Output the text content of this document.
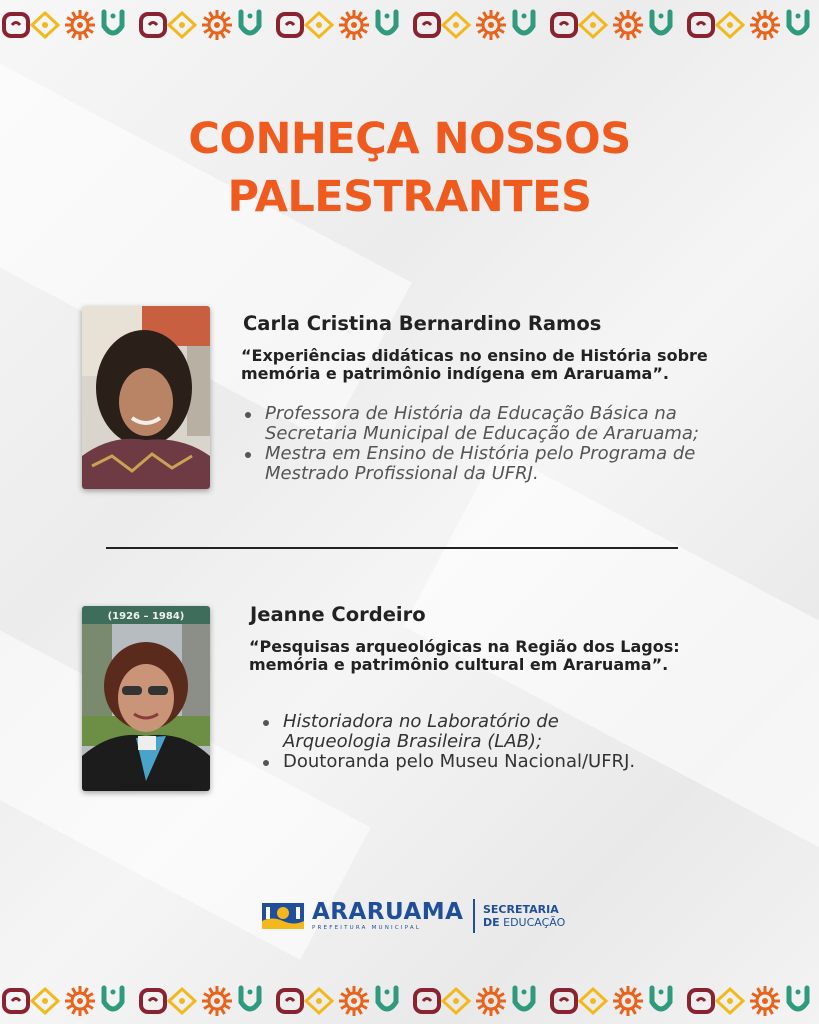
CONHEÇA NOSSOS
PALESTRANTES
Carla Cristina Bernardino Ramos
“Experiências didáticas no ensino de História sobre
memória e patrimônio indígena em Araruama”.
Professora de História da Educação Básica na
Secretaria Municipal de Educação de Araruama;
Mestra em Ensino de História pelo Programa de
Mestrado Profissional da UFRJ.
(1926 – 1984)	Jeanne Cordeiro
“Pesquisas arqueológicas na Região dos Lagos:
memória e patrimônio cultural em Araruama”.
Historiadora no Laboratório de
Arqueologia Brasileira (LAB);
Doutoranda pelo Museu Nacional/UFRJ.
ARARUAMA
PREFEITURA MUNICIPAL
SECRETARIA
DE EDUCAÇÃO
